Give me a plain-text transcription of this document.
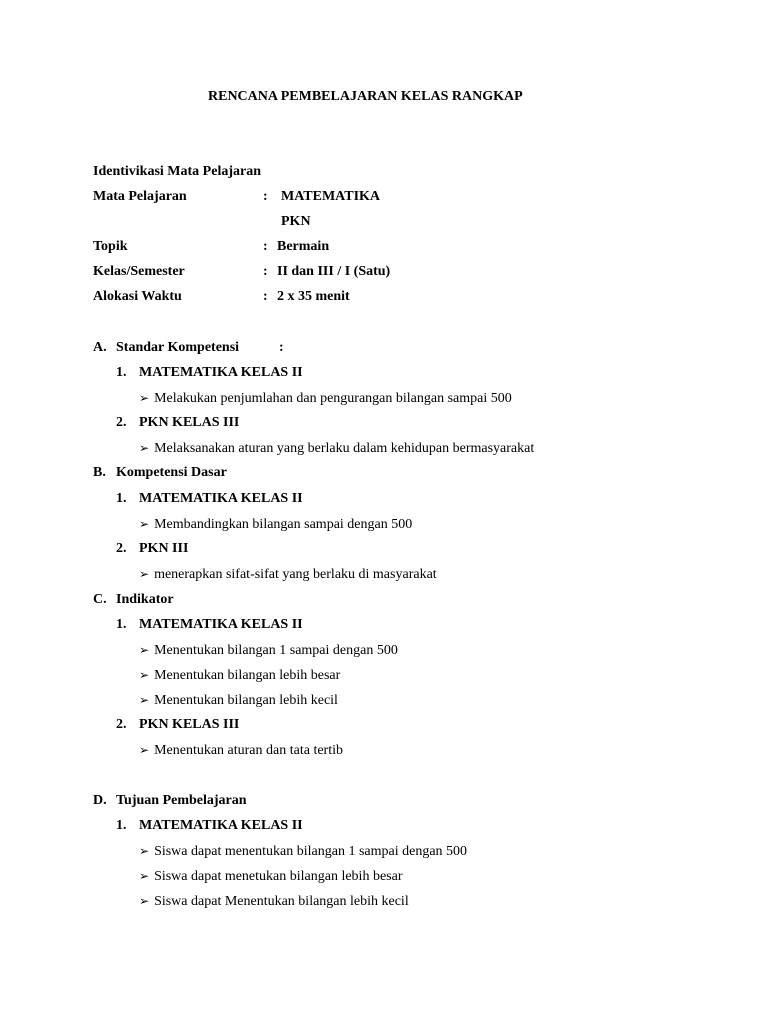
RENCANA PEMBELAJARAN KELAS RANGKAP
Identivikasi Mata Pelajaran
Mata Pelajaran	: MATEMATIKA
PKN
Topik	: Bermain
Kelas/Semester	: II dan III / I (Satu)
Alokasi Waktu	: 2 x 35 menit
A. Standar Kompetensi	:
1. MATEMATIKA KELAS II
➢ Melakukan penjumlahan dan pengurangan bilangan sampai 500
2. PKN KELAS III
➢ Melaksanakan aturan yang berlaku dalam kehidupan bermasyarakat
B. Kompetensi Dasar
1. MATEMATIKA KELAS II
➢ Membandingkan bilangan sampai dengan 500
2. PKN III
➢ menerapkan sifat-sifat yang berlaku di masyarakat
C. Indikator
1. MATEMATIKA KELAS II
➢ Menentukan bilangan 1 sampai dengan 500
➢ Menentukan bilangan lebih besar
➢ Menentukan bilangan lebih kecil
2. PKN KELAS III
➢ Menentukan aturan dan tata tertib
D. Tujuan Pembelajaran
1. MATEMATIKA KELAS II
➢ Siswa dapat menentukan bilangan 1 sampai dengan 500
➢ Siswa dapat menetukan bilangan lebih besar
➢ Siswa dapat Menentukan bilangan lebih kecil
